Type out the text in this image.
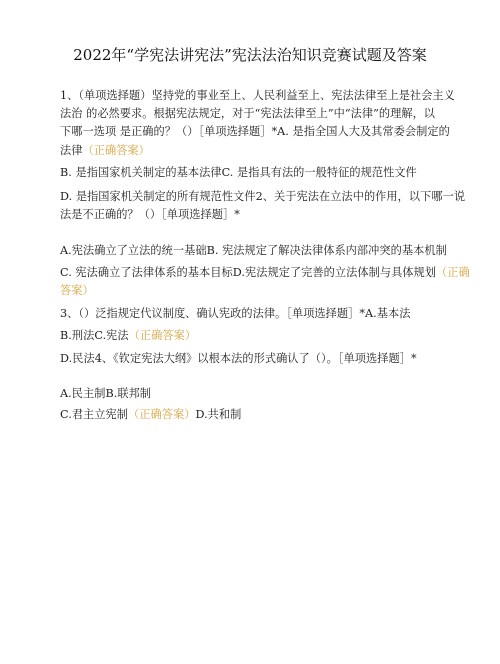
2022年“学宪法讲宪法”宪法法治知识竞赛试题及答案
1、（单项选择题）坚持党的事业至上、人民利益至上、宪法法律至上是社会主义
法治 的必然要求。根据宪法规定，对于“宪法法律至上”中“法律”的理解，以
下哪一选项 是正确的？（）［单项选择题］*A. 是指全国人大及其常委会制定的
法律（正确答案）
B. 是指国家机关制定的基本法律C. 是指具有法的一般特征的规范性文件
D. 是指国家机关制定的所有规范性文件2、关于宪法在立法中的作用，以下哪一说
法是不正确的？（）［单项选择题］*
A.宪法确立了立法的统一基础B. 宪法规定了解决法律体系内部冲突的基本机制
C. 宪法确立了法律体系的基本目标D.宪法规定了完善的立法体制与具体规划（正确
答案）
3、（）泛指规定代议制度、确认宪政的法律。［单项选择题］*A.基本法
B.刑法C.宪法（正确答案）
D.民法4、《钦定宪法大纲》以根本法的形式确认了（）。［单项选择题］*
A.民主制B.联邦制
C.君主立宪制（正确答案）D.共和制
